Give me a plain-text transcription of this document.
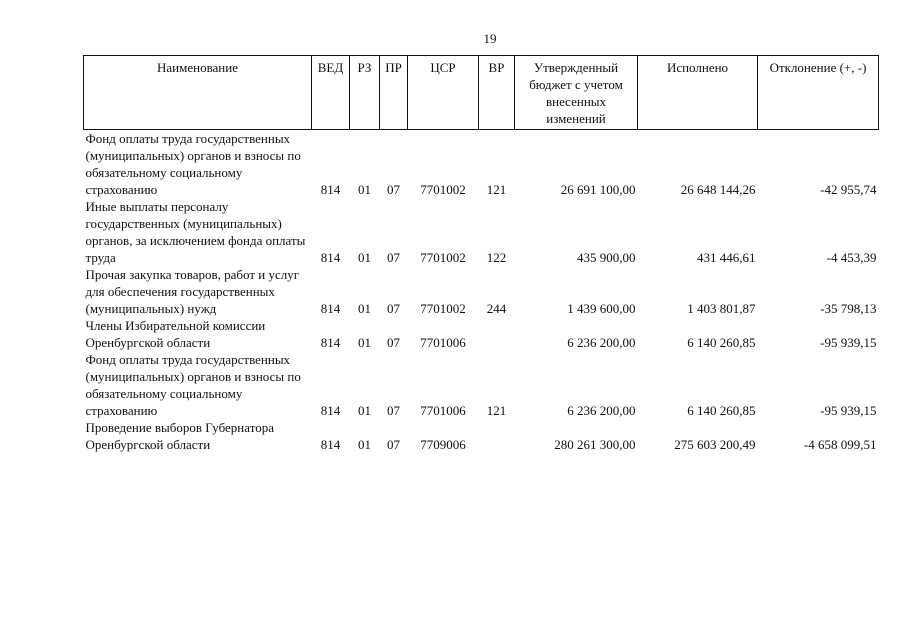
19
Наименование	ВЕД	РЗ	ПР	ЦСР	ВР	Утвержденный бюджет с учетом внесенных изменений	Исполнено	Отклонение (+, -)
Фонд оплаты труда государственных (муниципальных) органов и взносы по обязательному социальному страхованию	814	01	07	7701002	121	26 691 100,00	26 648 144,26	-42 955,74
Иные выплаты персоналу государственных (муниципальных) органов, за исключением фонда оплаты труда	814	01	07	7701002	122	435 900,00	431 446,61	-4 453,39
Прочая закупка товаров, работ и услуг для обеспечения государственных (муниципальных) нужд	814	01	07	7701002	244	1 439 600,00	1 403 801,87	-35 798,13
Члены Избирательной комиссии Оренбургской области	814	01	07	7701006		6 236 200,00	6 140 260,85	-95 939,15
Фонд оплаты труда государственных (муниципальных) органов и взносы по обязательному социальному страхованию	814	01	07	7701006	121	6 236 200,00	6 140 260,85	-95 939,15
Проведение выборов Губернатора Оренбургской области	814	01	07	7709006		280 261 300,00	275 603 200,49	-4 658 099,51
